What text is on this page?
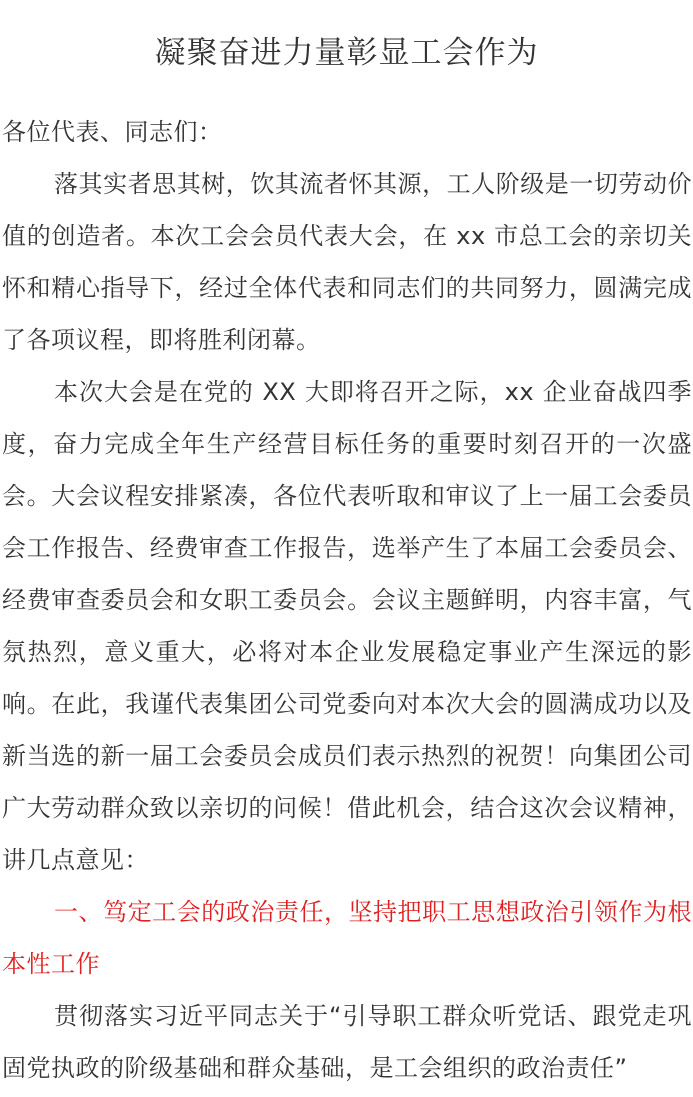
凝聚奋进力量彰显工会作为

各位代表、同志们：

落其实者思其树，饮其流者怀其源，工人阶级是一切劳动价值的创造者。本次工会会员代表大会，在 xx 市总工会的亲切关怀和精心指导下，经过全体代表和同志们的共同努力，圆满完成了各项议程，即将胜利闭幕。

本次大会是在党的 XX 大即将召开之际，xx 企业奋战四季度，奋力完成全年生产经营目标任务的重要时刻召开的一次盛会。大会议程安排紧凑，各位代表听取和审议了上一届工会委员会工作报告、经费审查工作报告，选举产生了本届工会委员会、经费审查委员会和女职工委员会。会议主题鲜明，内容丰富，气氛热烈，意义重大，必将对本企业发展稳定事业产生深远的影响。在此，我谨代表集团公司党委向对本次大会的圆满成功以及新当选的新一届工会委员会成员们表示热烈的祝贺！向集团公司广大劳动群众致以亲切的问候！借此机会，结合这次会议精神，讲几点意见：

一、笃定工会的政治责任，坚持把职工思想政治引领作为根本性工作

贯彻落实习近平同志关于“引导职工群众听党话、跟党走巩固党执政的阶级基础和群众基础，是工会组织的政治责任”
